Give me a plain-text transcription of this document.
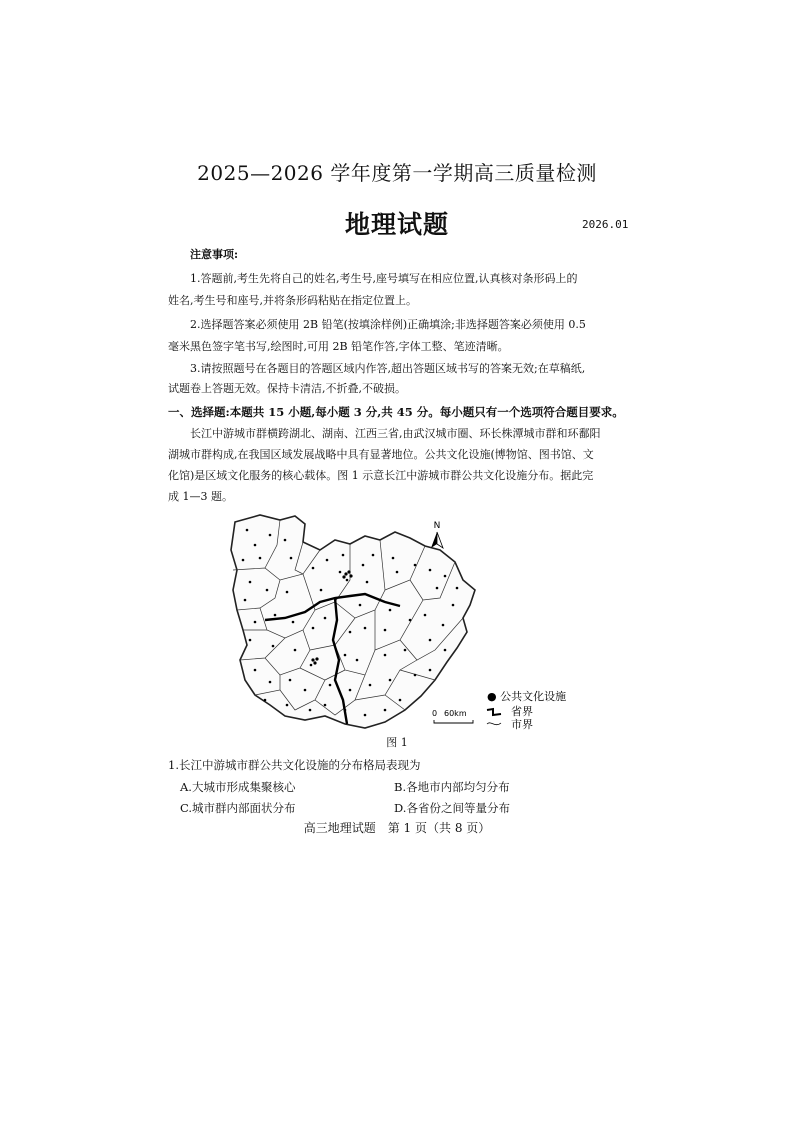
2025—2026 学年度第一学期高三质量检测
地理试题	2026.01
注意事项:
1.答题前,考生先将自己的姓名,考生号,座号填写在相应位置,认真核对条形码上的
姓名,考生号和座号,并将条形码粘贴在指定位置上。
2.选择题答案必须使用 2B 铅笔(按填涂样例)正确填涂;非选择题答案必须使用 0.5
毫米黑色签字笔书写,绘图时,可用 2B 铅笔作答,字体工整、笔迹清晰。
3.请按照题号在各题目的答题区域内作答,超出答题区域书写的答案无效;在草稿纸,
试题卷上答题无效。保持卡清洁,不折叠,不破损。
一、选择题:本题共 15 小题,每小题 3 分,共 45 分。每小题只有一个选项符合题目要求。
长江中游城市群横跨湖北、湖南、江西三省,由武汉城市圈、环长株潭城市群和环鄱阳
湖城市群构成,在我国区域发展战略中具有显著地位。公共文化设施(博物馆、图书馆、文
化馆)是区域文化服务的核心载体。图 1 示意长江中游城市群公共文化设施分布。据此完
成 1—3 题。
N
● 公共文化设施
省界
市界
0 60km
图 1
1.长江中游城市群公共文化设施的分布格局表现为
A.大城市形成集聚核心	B.各地市内部均匀分布
C.城市群内部面状分布	D.各省份之间等量分布
高三地理试题　第 1 页（共 8 页）
